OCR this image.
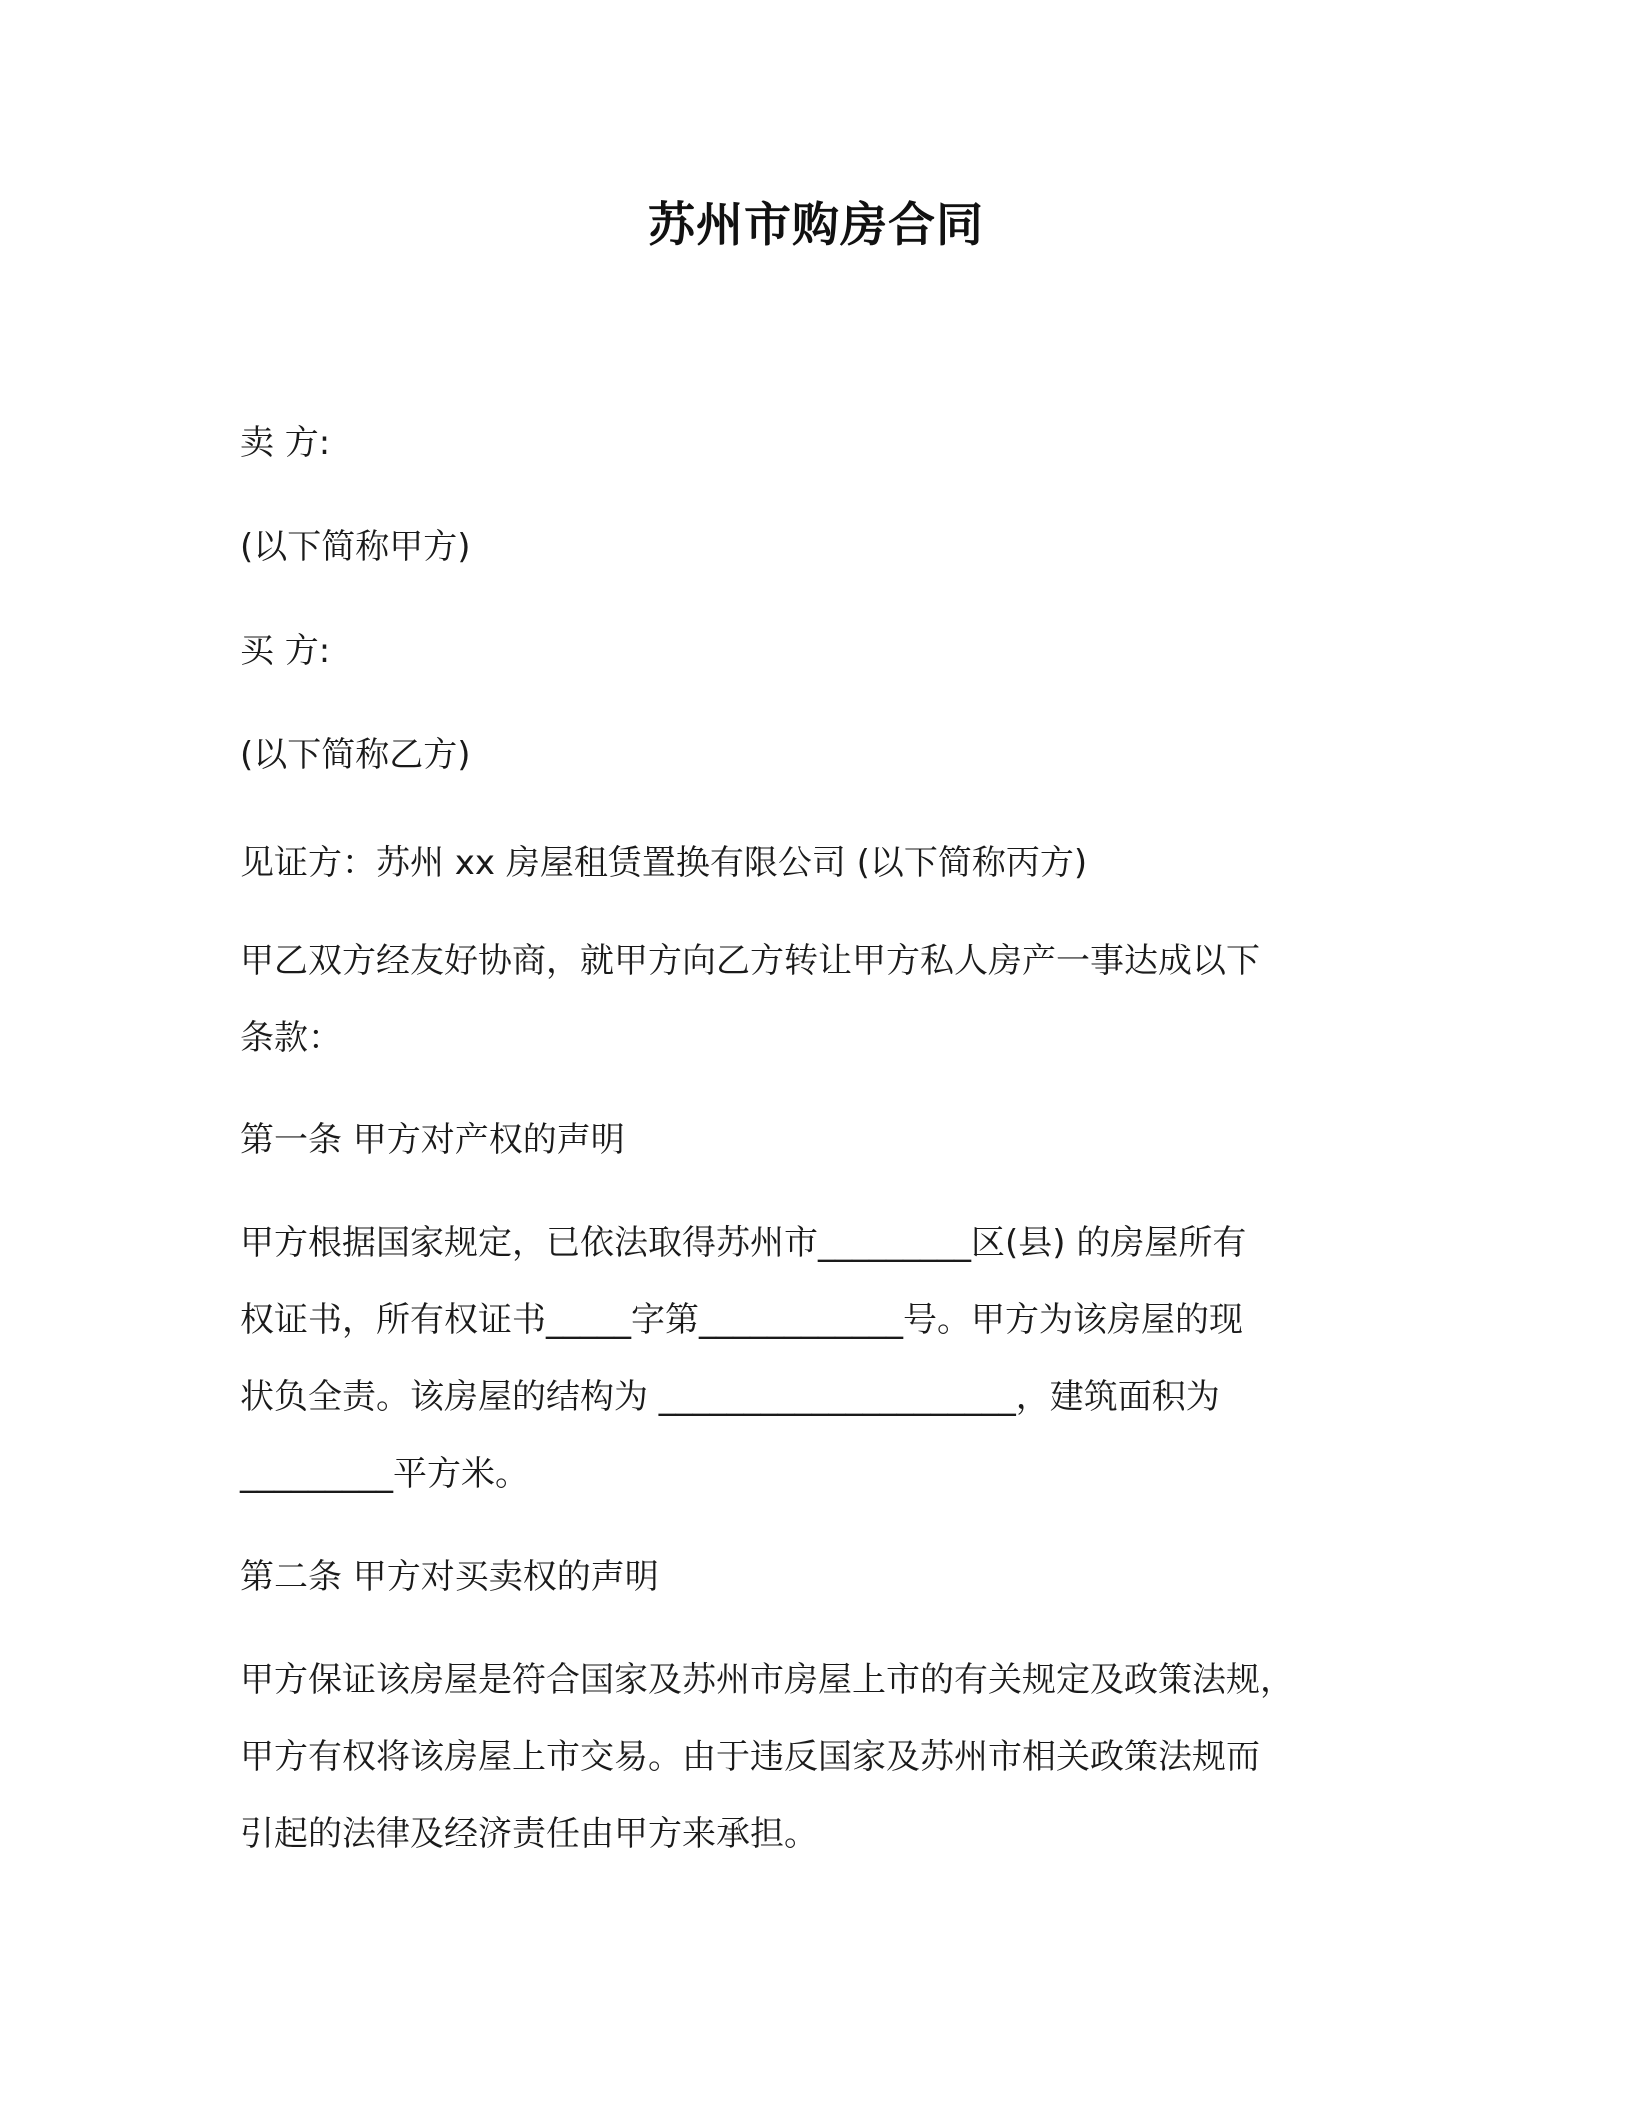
苏州市购房合同
卖 方:
(以下简称甲方)
买 方:
(以下简称乙方)
见证方：苏州 xx 房屋租赁置换有限公司 (以下简称丙方)
甲乙双方经友好协商，就甲方向乙方转让甲方私人房产一事达成以下
条款：
第一条 甲方对产权的声明
甲方根据国家规定，已依法取得苏州市_________区(县) 的房屋所有
权证书，所有权证书_____字第____________号。甲方为该房屋的现
状负全责。该房屋的结构为 _____________________，建筑面积为
_________平方米。
第二条 甲方对买卖权的声明
甲方保证该房屋是符合国家及苏州市房屋上市的有关规定及政策法规，
甲方有权将该房屋上市交易。由于违反国家及苏州市相关政策法规而
引起的法律及经济责任由甲方来承担。
